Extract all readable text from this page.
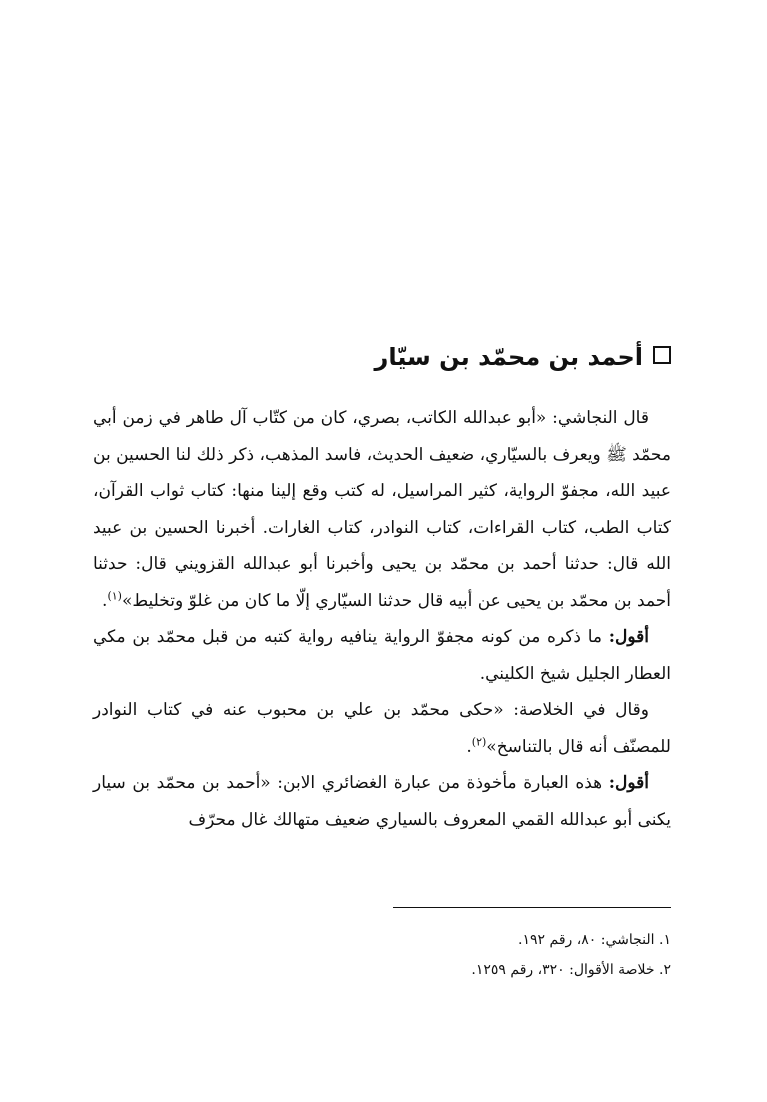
أحمد بن محمّد بن سيّار

قال النجاشي: «أبو عبدالله الكاتب، بصري، كان من كتّاب آل طاهر في زمن أبي محمّد ﷺ ويعرف بالسيّاري، ضعيف الحديث، فاسد المذهب، ذكر ذلك لنا الحسين بن عبيد الله، مجفوّ الرواية، كثير المراسيل، له كتب وقع إلينا منها: كتاب ثواب القرآن، كتاب الطب، كتاب القراءات، كتاب النوادر، كتاب الغارات. أخبرنا الحسين بن عبيد الله قال: حدثنا أحمد بن محمّد بن يحيى وأخبرنا أبو عبدالله القزويني قال: حدثنا أحمد بن محمّد بن يحيى عن أبيه قال حدثنا السيّاري إلّا ما كان من غلوّ وتخليط»$^{(١)}$.

أقول: ما ذكره من كونه مجفوّ الرواية ينافيه رواية كتبه من قبل محمّد بن مكي العطار الجليل شيخ الكليني.

وقال في الخلاصة: «حكى محمّد بن علي بن محبوب عنه في كتاب النوادر للمصنّف أنه قال بالتناسخ»$^{(٢)}$.

أقول: هذه العبارة مأخوذة من عبارة الغضائري الابن: «أحمد بن محمّد بن سيار يكنى أبو عبدالله القمي المعروف بالسياري ضعيف متهالك غال محرّف

١. النجاشي: ٨٠، رقم ١٩٢.
٢. خلاصة الأقوال: ٣٢٠، رقم ١٢٥٩.
